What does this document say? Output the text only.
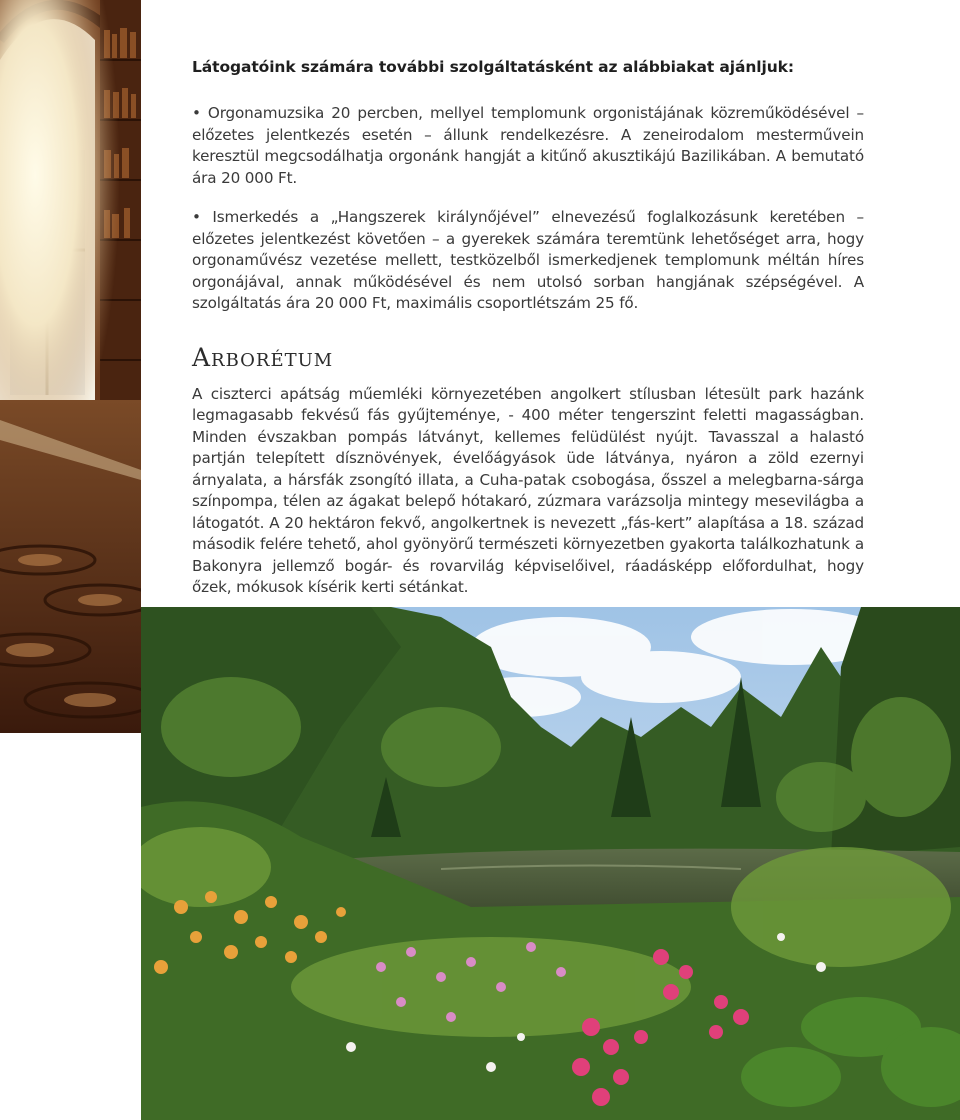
Látogatóink számára további szolgáltatásként az alábbiakat ajánljuk:

• Orgonamuzsika 20 percben, mellyel templomunk orgonistájának közreműködésével – előzetes jelentkezés esetén – állunk rendelkezésre. A zeneirodalom mesterművein keresztül megcsodálhatja orgonánk hangját a kitűnő akusztikájú Bazilikában. A bemutató ára 20 000 Ft.

• Ismerkedés a „Hangszerek királynőjével” elnevezésű foglalkozásunk keretében – előzetes jelentkezést követően – a gyerekek számára teremtünk lehetőséget arra, hogy orgonaművész vezetése mellett, testközelből ismerkedjenek templomunk méltán híres orgonájával, annak működésével és nem utolsó sorban hangjának szépségével. A szolgáltatás ára 20 000 Ft, maximális csoportlétszám 25 fő.

Arborétum

A ciszterci apátság műemléki környezetében angolkert stílusban létesült park hazánk legmagasabb fekvésű fás gyűjteménye, - 400 méter tengerszint feletti magasságban. Minden évszakban pompás látványt, kellemes felüdülést nyújt. Tavasszal a halastó partján telepített dísznövények, évelőágyások üde látványa, nyáron a zöld ezernyi árnyalata, a hársfák zsongító illata, a Cuha-patak csobogása, ősszel a melegbarna-sárga színpompa, télen az ágakat belepő hótakaró, zúzmara varázsolja mintegy mesevilágba a látogatót. A 20 hektáron fekvő, angolkertnek is nevezett „fás-kert” alapítása a 18. század második felére tehető, ahol gyönyörű természeti környezetben gyakorta találkozhatunk a Bakonyra jellemző bogár- és rovarvilág képviselőivel, ráadásképp előfordulhat, hogy őzek, mókusok kísérik kerti sétánkat.
